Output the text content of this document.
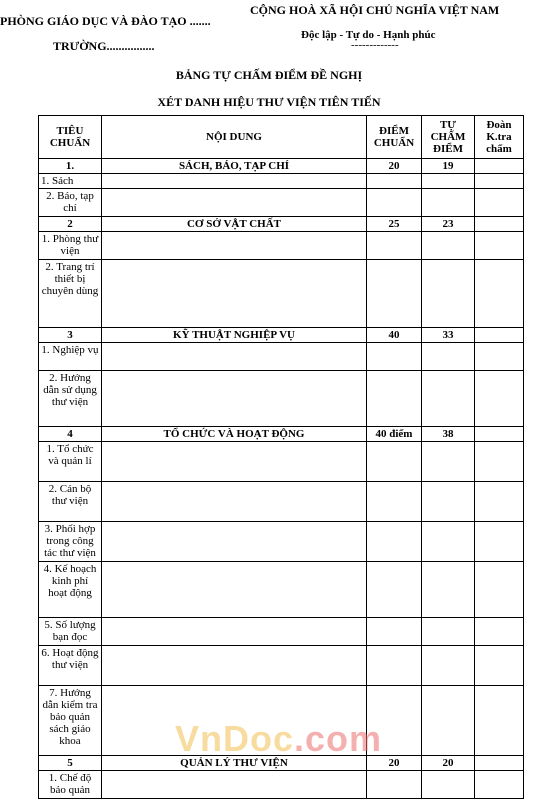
PHÒNG GIÁO DỤC VÀ ĐÀO TẠO .......
TRƯỜNG................
CỘNG HOÀ XÃ HỘI CHỦ NGHĨA VIỆT NAM
Độc lập - Tự do - Hạnh phúc
-------------
BẢNG TỰ CHẤM ĐIỂM ĐỀ NGHỊ
XÉT DANH HIỆU THƯ VIỆN TIÊN TIẾN
TIÊU CHUẨN	NỘI DUNG	ĐIỂM CHUẨN	TỰ CHẤM ĐIỂM	Đoàn K.tra chấm
1.	SÁCH, BÁO, TẠP CHÍ	20	19	
1. Sách				
2. Báo, tạp chí				
2	CƠ SỞ VẬT CHẤT	25	23	
1. Phòng thư viện				
2. Trang trí thiết bị chuyên dùng				
3	KỸ THUẬT NGHIỆP VỤ	40	33	
1. Nghiệp vụ				
2. Hướng dẫn sử dụng thư viện				
4	TỔ CHỨC VÀ HOẠT ĐỘNG	40 điểm	38	
1. Tổ chức và quản lí				
2. Cán bộ thư viện				
3. Phối hợp trong công tác thư viện				
4. Kế hoạch kinh phí hoạt động				
5. Số lượng bạn đọc				
6. Hoạt động thư viện				
7. Hướng dẫn kiểm tra bảo quản sách giáo khoa				
5	QUẢN LÝ THƯ VIỆN	20	20	
1. Chế độ bảo quản				
VnDoc.com
